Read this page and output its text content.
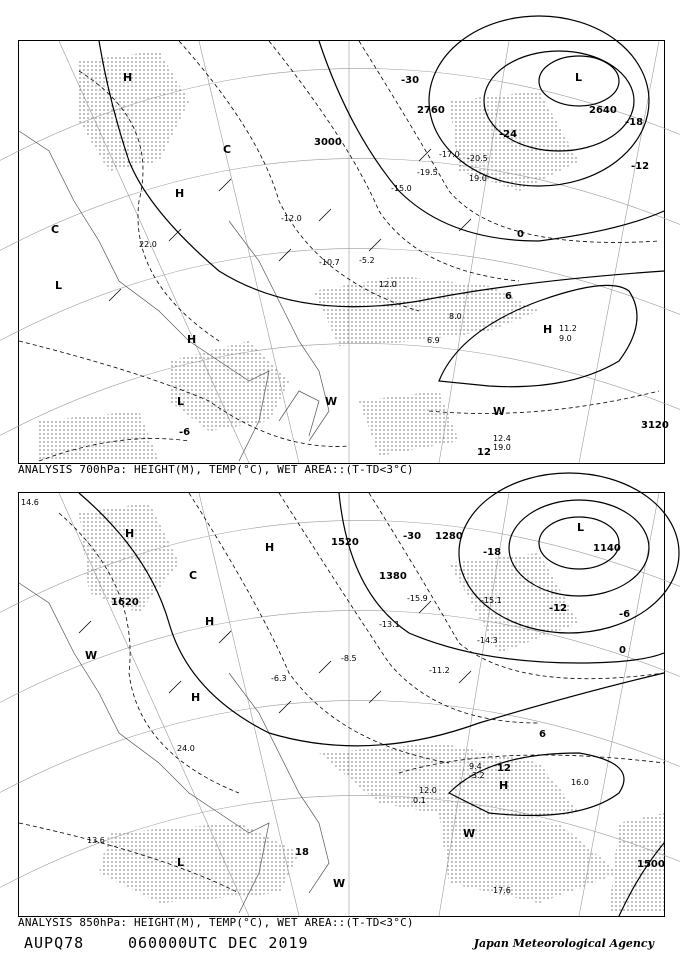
3000
2760	2640
3120
-30
-24
-18
-12
0
6
12
-6
H
H
H
H
L
L
L
C
C
W
W
-20.5
-17.0
-19.5
19.0
-15.0
12.0
8.0
-10.7
11.2
9.0
12.4
19.0
6.9
-12.0
-5.2
22.0
ANALYSIS 700hPa: HEIGHT(M), TEMP(°C), WET AREA::(T-TD<3°C)
1520
1380
1280
1140
1620
1500
-30
-18
-12
-6
0
6
12
18
H
H
H
H
H
L
L
C
W
W
W
-15.1
-15.9
-14.3
-13.1
-11.2
9.4
-3.2
12.0
16.0
17.6
14.6
-6.3
0.1
-8.5
24.0
13.6
ANALYSIS 850hPa: HEIGHT(M), TEMP(°C), WET AREA::(T-TD<3°C)
AUPQ78	060000UTC DEC 2019	Japan Meteorological Agency
